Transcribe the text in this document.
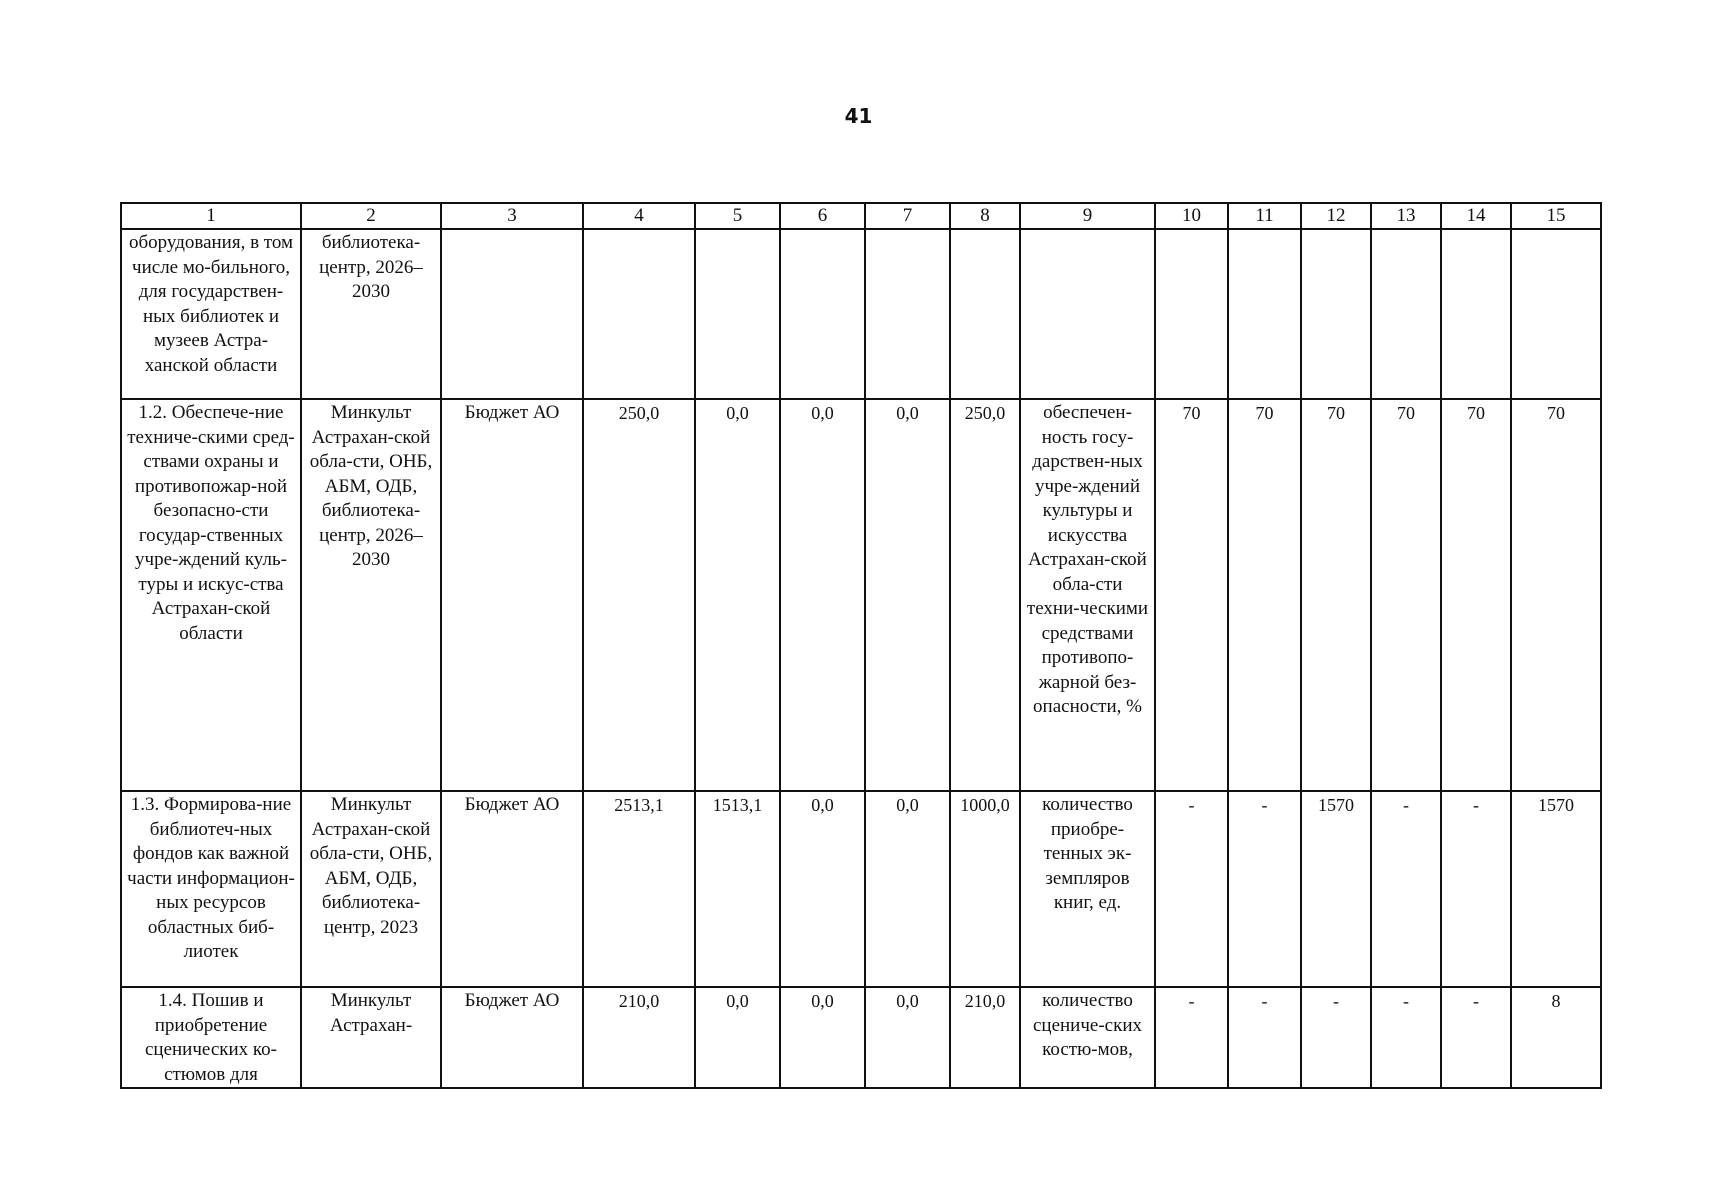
41
1	2	3	4	5	6	7	8	9	10	11	12	13	14	15
оборудования, в том числе мо-бильного, для государствен-ных библиотек и музеев Астра-ханской области	библиотека-центр, 2026–2030													
1.2. Обеспече-ние техниче-скими сред-ствами охраны и противопожар-ной безопасно-сти государ-ственных учре-ждений куль-туры и искус-ства Астрахан-ской области	Минкульт Астрахан-ской обла-сти, ОНБ, АБМ, ОДБ, библиотека-центр, 2026–2030	Бюджет АО	250,0	0,0	0,0	0,0	250,0	обеспечен-ность госу-дарствен-ных учре-ждений культуры и искусства Астрахан-ской обла-сти техни-ческими средствами противопо-жарной без-опасности, %	70	70	70	70	70	70
1.3. Формирова-ние библиотеч-ных фондов как важной части информацион-ных ресурсов областных биб-лиотек	Минкульт Астрахан-ской обла-сти, ОНБ, АБМ, ОДБ, библиотека-центр, 2023	Бюджет АО	2513,1	1513,1	0,0	0,0	1000,0	количество приобре-тенных эк-земпляров книг, ед.	-	-	1570	-	-	1570
1.4. Пошив и приобретение сценических ко-стюмов для	Минкульт Астрахан-	Бюджет АО	210,0	0,0	0,0	0,0	210,0	количество сцениче-ских костю-мов,	-	-	-	-	-	8
